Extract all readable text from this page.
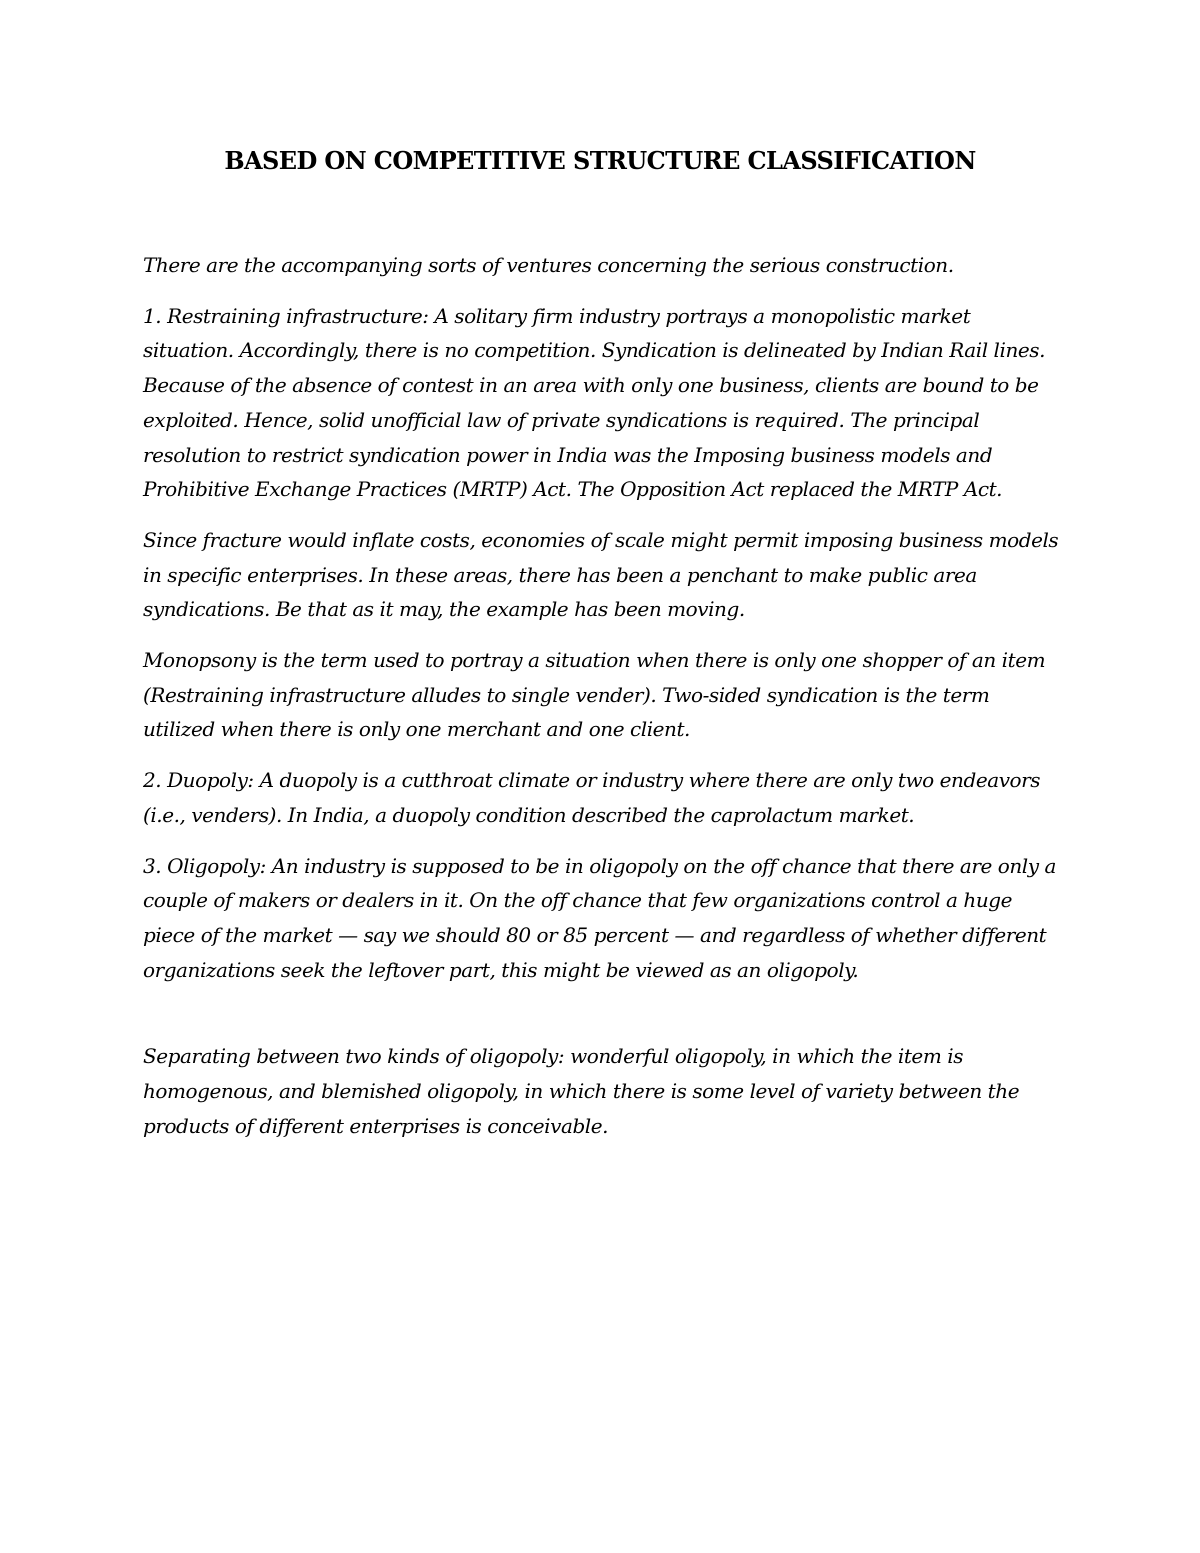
BASED ON COMPETITIVE STRUCTURE CLASSIFICATION

There are the accompanying sorts of ventures concerning the serious construction.

1. Restraining infrastructure: A solitary firm industry portrays a monopolistic market situation. Accordingly, there is no competition. Syndication is delineated by Indian Rail lines. Because of the absence of contest in an area with only one business, clients are bound to be exploited. Hence, solid unofficial law of private syndications is required. The principal resolution to restrict syndication power in India was the Imposing business models and Prohibitive Exchange Practices (MRTP) Act. The Opposition Act replaced the MRTP Act.

Since fracture would inflate costs, economies of scale might permit imposing business models in specific enterprises. In these areas, there has been a penchant to make public area syndications. Be that as it may, the example has been moving.

Monopsony is the term used to portray a situation when there is only one shopper of an item (Restraining infrastructure alludes to single vender). Two-sided syndication is the term utilized when there is only one merchant and one client.

2. Duopoly: A duopoly is a cutthroat climate or industry where there are only two endeavors (i.e., venders). In India, a duopoly condition described the caprolactum market.

3. Oligopoly: An industry is supposed to be in oligopoly on the off chance that there are only a couple of makers or dealers in it. On the off chance that few organizations control a huge piece of the market — say we should 80 or 85 percent — and regardless of whether different organizations seek the leftover part, this might be viewed as an oligopoly.

Separating between two kinds of oligopoly: wonderful oligopoly, in which the item is homogenous, and blemished oligopoly, in which there is some level of variety between the products of different enterprises is conceivable.
